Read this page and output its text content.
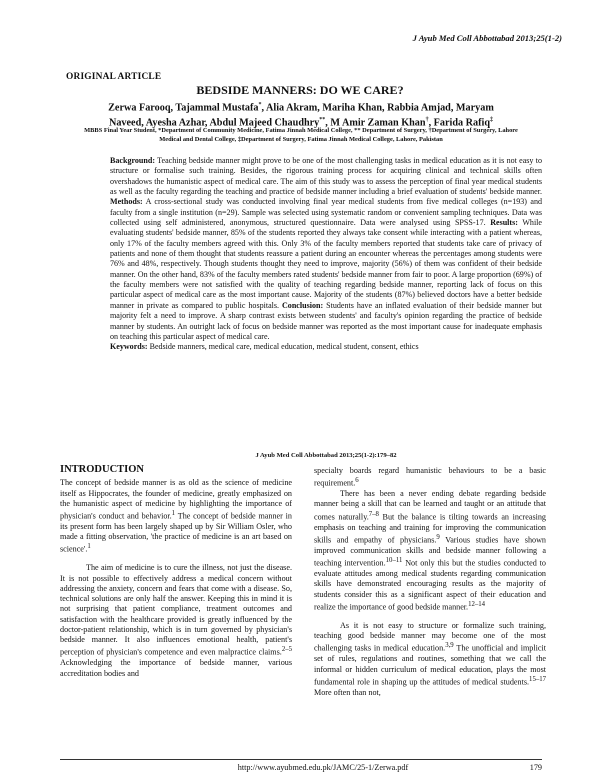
J Ayub Med Coll Abbottabad 2013;25(1-2)
ORIGINAL ARTICLE
BEDSIDE MANNERS: DO WE CARE?
Zerwa Farooq, Tajammal Mustafa*, Alia Akram, Mariha Khan, Rabbia Amjad, Maryam
Naveed, Ayesha Azhar, Abdul Majeed Chaudhry**, M Amir Zaman Khan†, Farida Rafiq‡
MBBS Final Year Student, *Department of Community Medicine, Fatima Jinnah Medical College, ** Department of Surgery, †Department of Surgery, Lahore
Medical and Dental College, ‡Department of Surgery, Fatima Jinnah Medical College, Lahore, Pakistan

Background: Teaching bedside manner might prove to be one of the most challenging tasks in medical education as it is not easy to structure or formalise such training. Besides, the rigorous training process for acquiring clinical and technical skills often overshadows the humanistic aspect of medical care. The aim of this study was to assess the perception of final year medical students as well as the faculty regarding the teaching and practice of bedside manner including a brief evaluation of students' bedside manner. Methods: A cross-sectional study was conducted involving final year medical students from five medical colleges (n=193) and faculty from a single institution (n=29). Sample was selected using systematic random or convenient sampling techniques. Data was collected using self administered, anonymous, structured questionnaire. Data were analysed using SPSS-17. Results: While evaluating students' bedside manner, 85% of the students reported they always take consent while interacting with a patient whereas, only 17% of the faculty members agreed with this. Only 3% of the faculty members reported that students take care of privacy of patients and none of them thought that students reassure a patient during an encounter whereas the percentages among students were 76% and 48%, respectively. Though students thought they need to improve, majority (56%) of them was confident of their bedside manner. On the other hand, 83% of the faculty members rated students' bedside manner from fair to poor. A large proportion (69%) of the faculty members were not satisfied with the quality of teaching regarding bedside manner, reporting lack of focus on this particular aspect of medical care as the most important cause. Majority of the students (87%) believed doctors have a better bedside manner in private as compared to public hospitals. Conclusion: Students have an inflated evaluation of their bedside manner but majority felt a need to improve. A sharp contrast exists between students' and faculty's opinion regarding the practice of bedside manner by students. An outright lack of focus on bedside manner was reported as the most important cause for inadequate emphasis on teaching this particular aspect of medical care.

Keywords: Bedside manners, medical care, medical education, medical student, consent, ethics

J Ayub Med Coll Abbottabad 2013;25(1-2):179–82
INTRODUCTION

The concept of bedside manner is as old as the science of medicine itself as Hippocrates, the founder of medicine, greatly emphasized on the humanistic aspect of medicine by highlighting the importance of physician's conduct and behavior.$^1$ The concept of bedside manner in its present form has been largely shaped up by Sir William Osler, who made a fitting observation, 'the practice of medicine is an art based on science'.$^1$

The aim of medicine is to cure the illness, not just the disease. It is not possible to effectively address a medical concern without addressing the anxiety, concern and fears that come with a disease. So, technical solutions are only half the answer. Keeping this in mind it is not surprising that patient compliance, treatment outcomes and satisfaction with the healthcare provided is greatly influenced by the doctor-patient relationship, which is in turn governed by physician's bedside manner. It also influences emotional health, patient's perception of physician's competence and even malpractice claims.$^{2-5}$ Acknowledging the importance of bedside manner, various accreditation bodies and

specialty boards regard humanistic behaviours to be a basic requirement.$^6$

There has been a never ending debate regarding bedside manner being a skill that can be learned and taught or an attitude that comes naturally.$^{7-8}$ But the balance is tilting towards an increasing emphasis on teaching and training for improving the communication skills and empathy of physicians.$^9$ Various studies have shown improved communication skills and bedside manner following a teaching intervention.$^{10-11}$ Not only this but the studies conducted to evaluate attitudes among medical students regarding communication skills have demonstrated encouraging results as the majority of students consider this as a significant aspect of their education and realize the importance of good bedside manner.$^{12-14}$

As it is not easy to structure or formalize such training, teaching good bedside manner may become one of the most challenging tasks in medical education.$^{3,9}$ The unofficial and implicit set of rules, regulations and routines, something that we call the informal or hidden curriculum of medical education, plays the most fundamental role in shaping up the attitudes of medical students.$^{15-17}$ More often than not,

http://www.ayubmed.edu.pk/JAMC/25-1/Zerwa.pdf	179
